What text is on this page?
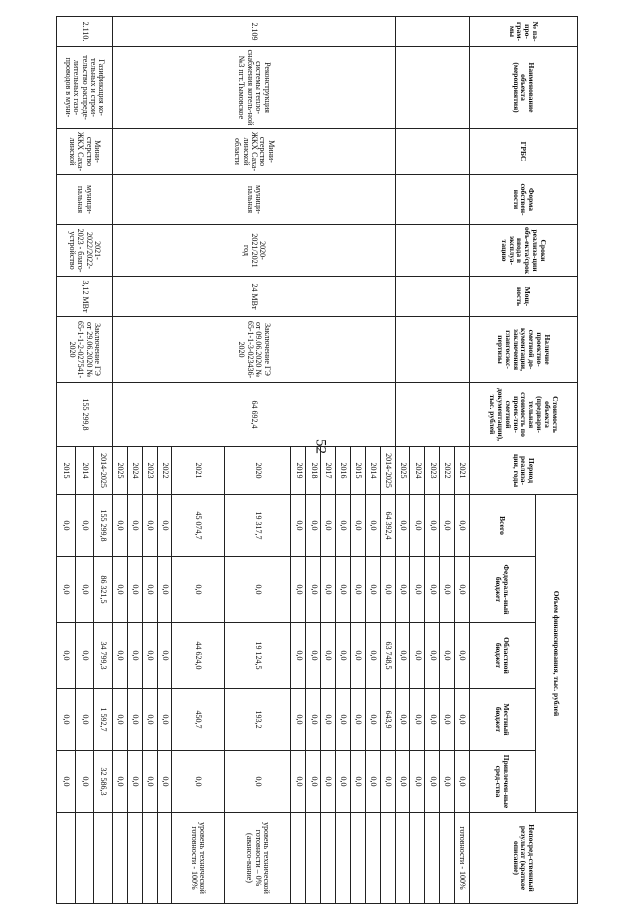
52
№ па-про-грам-мы	Наименование объекта (мероприятия)	ГРБС	Форма собствен-ности	Сроки реализа-ции объ-екта/срок ввода в эксплуа-тацию	Мощ-ность	Наличие проектно-сметной до-кументации, заключения главгосэкс-пертизы	Стоимость объекта (предвари-тельная стоимость по проек-тно-сметной документации), тыс. рублей	Период реализа-ции, годы	Объем финансирования, тыс. рублей					Непосред-ственный результат (краткое описание)
									Всего	Федераль-ный бюджет	Областной бюджет	Местный бюджет	Привлечен-ные сред-ства	
								2021	0,0	0,0	0,0	0,0	0,0	готовности - 100%
								2022	0,0	0,0	0,0	0,0	0,0	
								2023	0,0	0,0	0,0	0,0	0,0	
								2024	0,0	0,0	0,0	0,0	0,0	
								2025	0,0	0,0	0,0	0,0	0,0	
2.109	Реконструкция системы тепло-снабжения котель-ной №3 пгт.Тымовское	Мини-стерство ЖКХ Саха-линской области	муници-пальная	2020-2021/2021 год	24 МВт	Заключение ГЭ от 09.06.2020 № 65-1-1-3-023436-2020	64 692,4	2014-2025	64 392,4	0,0	63 748,5	643,9	0,0	
								2014	0,0	0,0	0,0	0,0	0,0	
								2015	0,0	0,0	0,0	0,0	0,0	
								2016	0,0	0,0	0,0	0,0	0,0	
								2017	0,0	0,0	0,0	0,0	0,0	
								2018	0,0	0,0	0,0	0,0	0,0	
								2019	0,0	0,0	0,0	0,0	0,0	
								2020	19 317,7	0,0	19 124,5	193,2	0,0	уровень технической готовности – 0% (авансо-вание)
								2021	45 074,7	0,0	44 624,0	450,7	0,0	уровень технической готовности - 100%
								2022	0,0	0,0	0,0	0,0	0,0	
								2023	0,0	0,0	0,0	0,0	0,0	
								2024	0,0	0,0	0,0	0,0	0,0	
								2025	0,0	0,0	0,0	0,0	0,0	
2.110.	Газификация ко-тельных и строи-тельство распреде-лительных газо-проводов в муни-	Мини-стерство ЖКХ Саха-линской	муници-пальная	2021-2022/2022-2023 - благо-устройство	3,12 МВт	Заключение ГЭ от 29.06.2020 № 65-1-1-2-027541-2020	155 299,8	2014-2025	155 299,8	86 321,5	34 799,3	1 592,7	32 586,3	
								2014	0,0	0,0	0,0	0,0	0,0	
								2015	0,0	0,0	0,0	0,0	0,0	
